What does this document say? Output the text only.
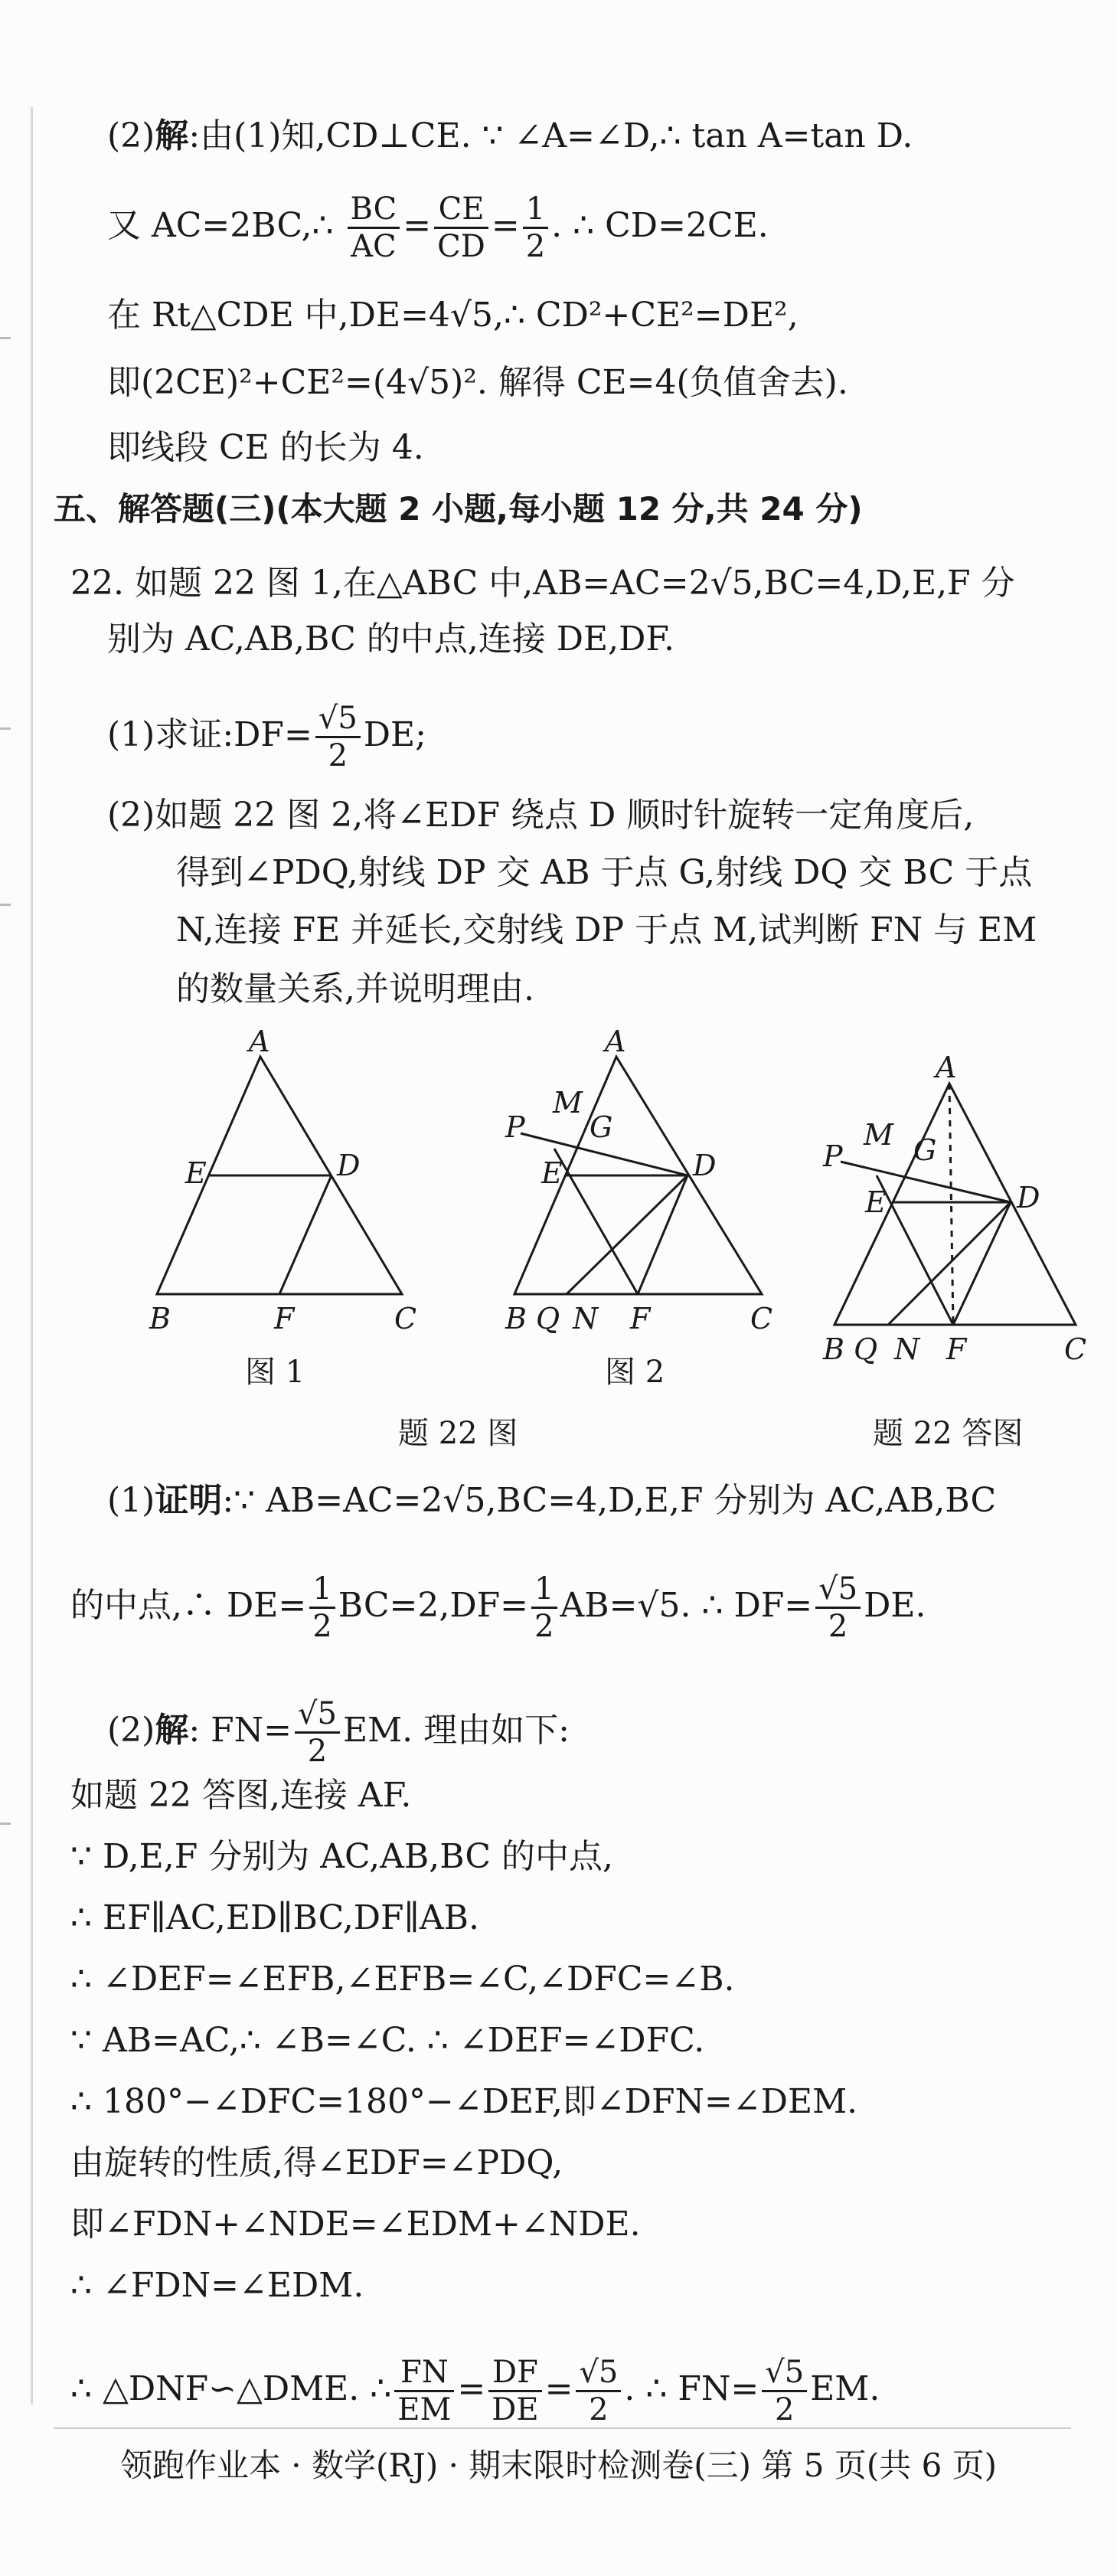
(2)解:由(1)知,CD⊥CE. ∵ ∠A=∠D,∴ tan A=tan D.
又 AC=2BC,∴ $\frac{BC}{AC} = \frac{CE}{CD} = \frac{1}{2}$ . ∴ CD=2CE.
在 Rt△CDE 中,DE=4√5,∴ CD²+CE²=DE²,
即(2CE)²+CE²=(4√5)². 解得 CE=4(负值舍去).
即线段 CE 的长为 4.
五、解答题(三)(本大题 2 小题,每小题 12 分,共 24 分)
22. 如题 22 图 1,在△ABC 中,AB=AC=2√5,BC=4,D,E,F 分
别为 AC,AB,BC 的中点,连接 DE,DF.
(1)求证:DF= $\frac{√5}{2}$ DE;
(2)如题 22 图 2,将∠EDF 绕点 D 顺时针旋转一定角度后,
得到∠PDQ,射线 DP 交 AB 于点 G,射线 DQ 交 BC 于点
N,连接 FE 并延长,交射线 DP 于点 M,试判断 FN 与 EM
的数量关系,并说明理由.
A
E	D
B	F	C
图 1
A
M
G
P
E	D
B Q N F	C
图 2
题 22 图
A
M G
P
E	D
B Q N F	C
题 22 答图
(1)证明:∵ AB=AC=2√5,BC=4,D,E,F 分别为 AC,AB,BC
的中点,∴ $DE= \frac{1}{2} BC=2,DF= \frac{1}{2} AB=√5$. ∴ $DF= \frac{√5}{2}$ DE.
(2)解: $FN= \frac{√5}{2}$ EM. 理由如下:
如题 22 答图,连接 AF.
∵ D,E,F 分别为 AC,AB,BC 的中点,
∴ EF∥AC,ED∥BC,DF∥AB.
∴ ∠DEF=∠EFB,∠EFB=∠C,∠DFC=∠B.
∵ AB=AC,∴ ∠B=∠C. ∴ ∠DEF=∠DFC.
∴ 180°−∠DFC=180°−∠DEF,即∠DFN=∠DEM.
由旋转的性质,得∠EDF=∠PDQ,
即∠FDN+∠NDE=∠EDM+∠NDE.
∴ ∠FDN=∠EDM.
∴ △DNF∽△DME. ∴ $\frac{FN}{EM} = \frac{DF}{DE} = \frac{√5}{2}$ . ∴ $FN= \frac{√5}{2}$ EM.
领跑作业本 · 数学(RJ) · 期末限时检测卷(三) 第 5 页(共 6 页)
